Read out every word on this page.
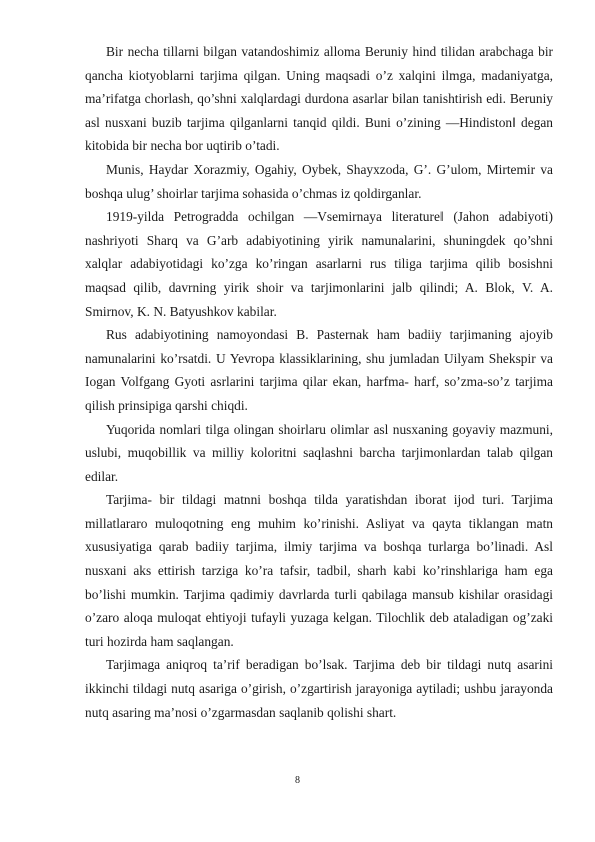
Bir necha tillarni bilgan vatandoshimiz alloma Beruniy hind tilidan arabchaga bir qancha kiotyoblarni tarjima qilgan. Uning maqsadi o’z xalqini ilmga, madaniyatga, ma’rifatga chorlash, qo’shni xalqlardagi durdona asarlar bilan tanishtirish edi. Beruniy asl nusxani buzib tarjima qilganlarni tanqid qildi. Buni o’zining ―Hindiston‖ degan kitobida bir necha bor uqtirib o’tadi.

Munis, Haydar Xorazmiy, Ogahiy, Oybek, Shayxzoda, G’. G’ulom, Mirtemir va boshqa ulug’ shoirlar tarjima sohasida o’chmas iz qoldirganlar.

1919-yilda Petrogradda ochilgan ―Vsemirnaya literature‖ (Jahon adabiyoti) nashriyoti Sharq va G’arb adabiyotining yirik namunalarini, shuningdek qo’shni xalqlar adabiyotidagi ko’zga ko’ringan asarlarni rus tiliga tarjima qilib bosishni maqsad qilib, davrning yirik shoir va tarjimonlarini jalb qilindi; A. Blok, V. A. Smirnov, K. N. Batyushkov kabilar.

Rus adabiyotining namoyondasi B. Pasternak ham badiiy tarjimaning ajoyib namunalarini ko’rsatdi. U Yevropa klassiklarining, shu jumladan Uilyam Shekspir va Iogan Volfgang Gyoti asrlarini tarjima qilar ekan, harfma- harf, so’zma-so’z tarjima qilish prinsipiga qarshi chiqdi.

Yuqorida nomlari tilga olingan shoirlaru olimlar asl nusxaning goyaviy mazmuni, uslubi, muqobillik va milliy koloritni saqlashni barcha tarjimonlardan talab qilgan edilar.

Tarjima- bir tildagi matnni boshqa tilda yaratishdan iborat ijod turi. Tarjima millatlararo muloqotning eng muhim ko’rinishi. Asliyat va qayta tiklangan matn xususiyatiga qarab badiiy tarjima, ilmiy tarjima va boshqa turlarga bo’linadi. Asl nusxani aks ettirish tarziga ko’ra tafsir, tadbil, sharh kabi ko’rinshlariga ham ega bo’lishi mumkin. Tarjima qadimiy davrlarda turli qabilaga mansub kishilar orasidagi o’zaro aloqa muloqat ehtiyoji tufayli yuzaga kelgan. Tilochlik deb ataladigan og’zaki turi hozirda ham saqlangan.

Tarjimaga aniqroq ta’rif beradigan bo’lsak. Tarjima deb bir tildagi nutq asarini ikkinchi tildagi nutq asariga o’girish, o’zgartirish jarayoniga aytiladi; ushbu jarayonda nutq asaring ma’nosi o’zgarmasdan saqlanib qolishi shart.

8
